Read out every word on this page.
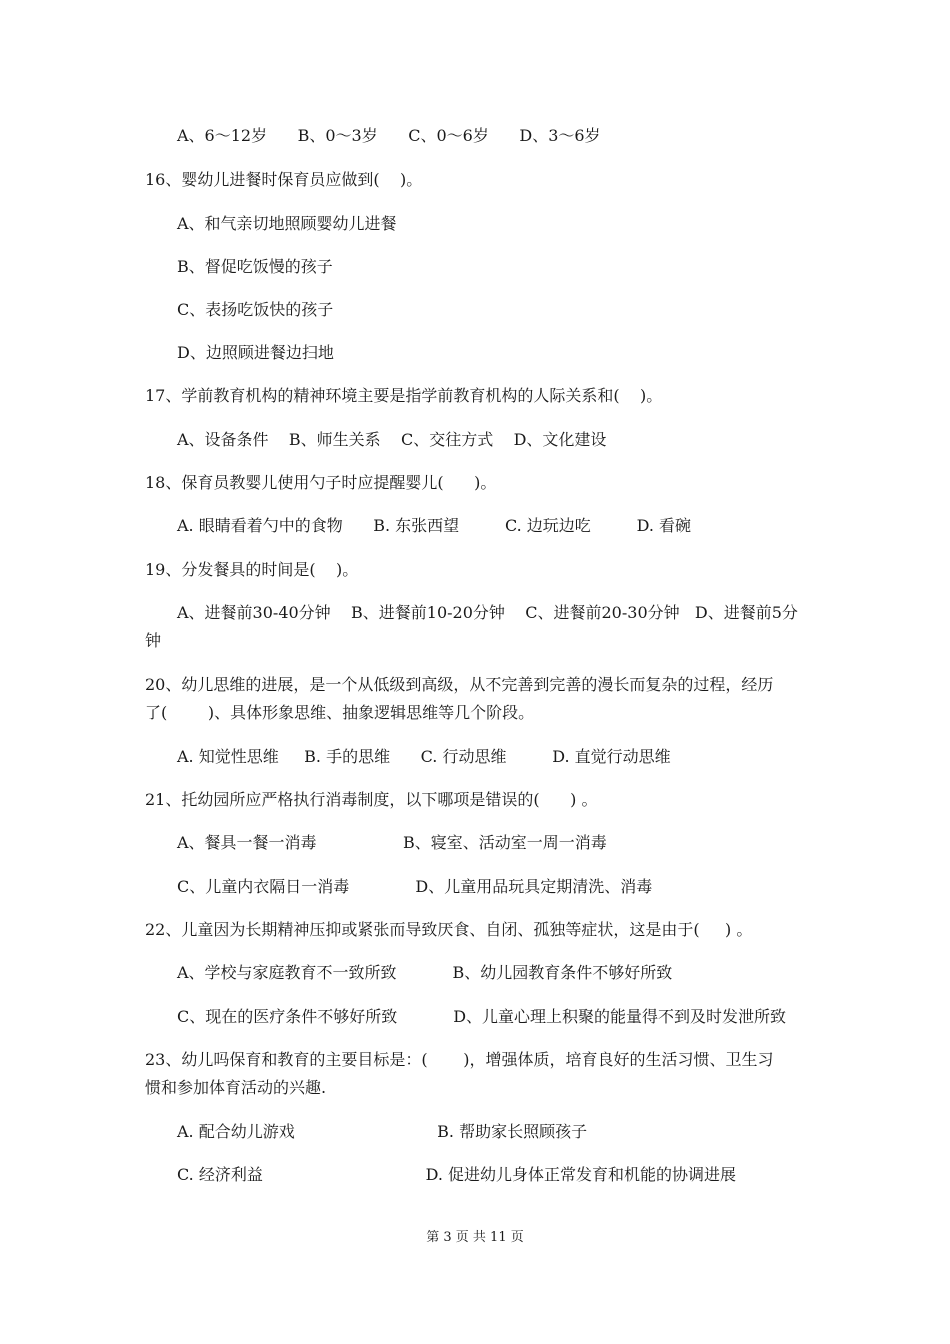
A、6～12岁      B、0～3岁      C、0～6岁      D、3～6岁
16、婴幼儿进餐时保育员应做到(    )。
A、和气亲切地照顾婴幼儿进餐
B、督促吃饭慢的孩子
C、表扬吃饭快的孩子
D、边照顾进餐边扫地
17、学前教育机构的精神环境主要是指学前教育机构的人际关系和(    )。
A、设备条件    B、师生关系    C、交往方式    D、文化建设
18、保育员教婴儿使用勺子时应提醒婴儿(      )。
A. 眼睛看着勺中的食物      B. 东张西望         C. 边玩边吃         D. 看碗
19、分发餐具的时间是(    )。
A、进餐前30-40分钟    B、进餐前10-20分钟    C、进餐前20-30分钟   D、进餐前5分
钟
20、幼儿思维的进展，是一个从低级到高级，从不完善到完善的漫长而复杂的过程，经历
了(        )、具体形象思维、抽象逻辑思维等几个阶段。
A. 知觉性思维     B. 手的思维      C. 行动思维         D. 直觉行动思维
21、托幼园所应严格执行消毒制度，以下哪项是错误的(      ) 。
A、餐具一餐一消毒                 B、寝室、活动室一周一消毒
C、儿童内衣隔日一消毒             D、儿童用品玩具定期清洗、消毒
22、儿童因为长期精神压抑或紧张而导致厌食、自闭、孤独等症状，这是由于(     ) 。
A、学校与家庭教育不一致所致           B、幼儿园教育条件不够好所致
C、现在的医疗条件不够好所致           D、儿童心理上积聚的能量得不到及时发泄所致
23、幼儿吗保育和教育的主要目标是：(       )，增强体质，培育良好的生活习惯、卫生习
惯和参加体育活动的兴趣.
A. 配合幼儿游戏                            B. 帮助家长照顾孩子
C. 经济利益                                D. 促进幼儿身体正常发育和机能的协调进展
第 3 页 共 11 页
